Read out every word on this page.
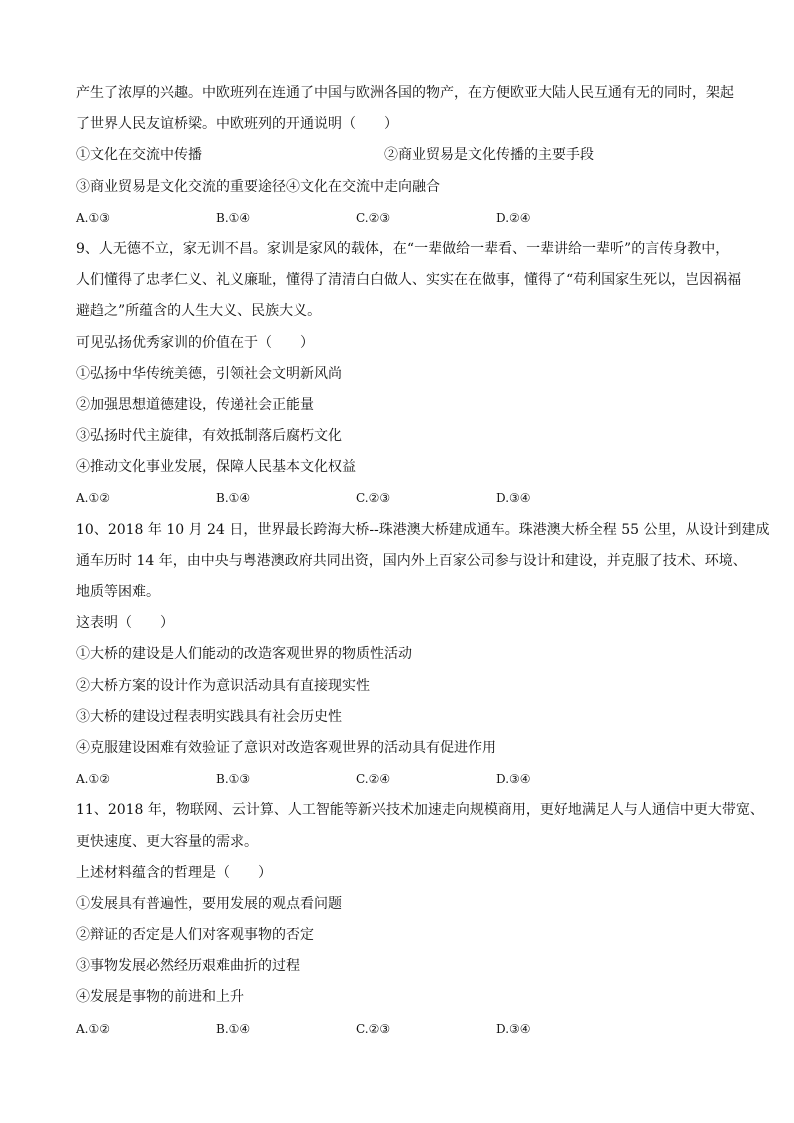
产生了浓厚的兴趣。中欧班列在连通了中国与欧洲各国的物产，在方便欧亚大陆人民互通有无的同时，架起
了世界人民友谊桥梁。中欧班列的开通说明（　　）
①文化在交流中传播	②商业贸易是文化传播的主要手段
③商业贸易是文化交流的重要途径④文化在交流中走向融合
A.①③	B.①④	C.②③	D.②④
9、人无德不立，家无训不昌。家训是家风的载体，在“一辈做给一辈看、一辈讲给一辈听”的言传身教中，
人们懂得了忠孝仁义、礼义廉耻，懂得了清清白白做人、实实在在做事，懂得了“苟利国家生死以，岂因祸福
避趋之”所蕴含的人生大义、民族大义。
可见弘扬优秀家训的价值在于（　　）
①弘扬中华传统美德，引领社会文明新风尚
②加强思想道德建设，传递社会正能量
③弘扬时代主旋律，有效抵制落后腐朽文化
④推动文化事业发展，保障人民基本文化权益
A.①②	B.①④	C.②③	D.③④
10、2018 年 10 月 24 日，世界最长跨海大桥--珠港澳大桥建成通车。珠港澳大桥全程 55 公里，从设计到建成
通车历时 14 年，由中央与粤港澳政府共同出资，国内外上百家公司参与设计和建设，并克服了技术、环境、
地质等困难。
这表明（　　）
①大桥的建设是人们能动的改造客观世界的物质性活动
②大桥方案的设计作为意识活动具有直接现实性
③大桥的建设过程表明实践具有社会历史性
④克服建设困难有效验证了意识对改造客观世界的活动具有促进作用
A.①②	B.①③	C.②④	D.③④
11、2018 年，物联网、云计算、人工智能等新兴技术加速走向规模商用，更好地满足人与人通信中更大带宽、
更快速度、更大容量的需求。
上述材料蕴含的哲理是（　　）
①发展具有普遍性，要用发展的观点看问题
②辩证的否定是人们对客观事物的否定
③事物发展必然经历艰难曲折的过程
④发展是事物的前进和上升
A.①②	B.①④	C.②③	D.③④
